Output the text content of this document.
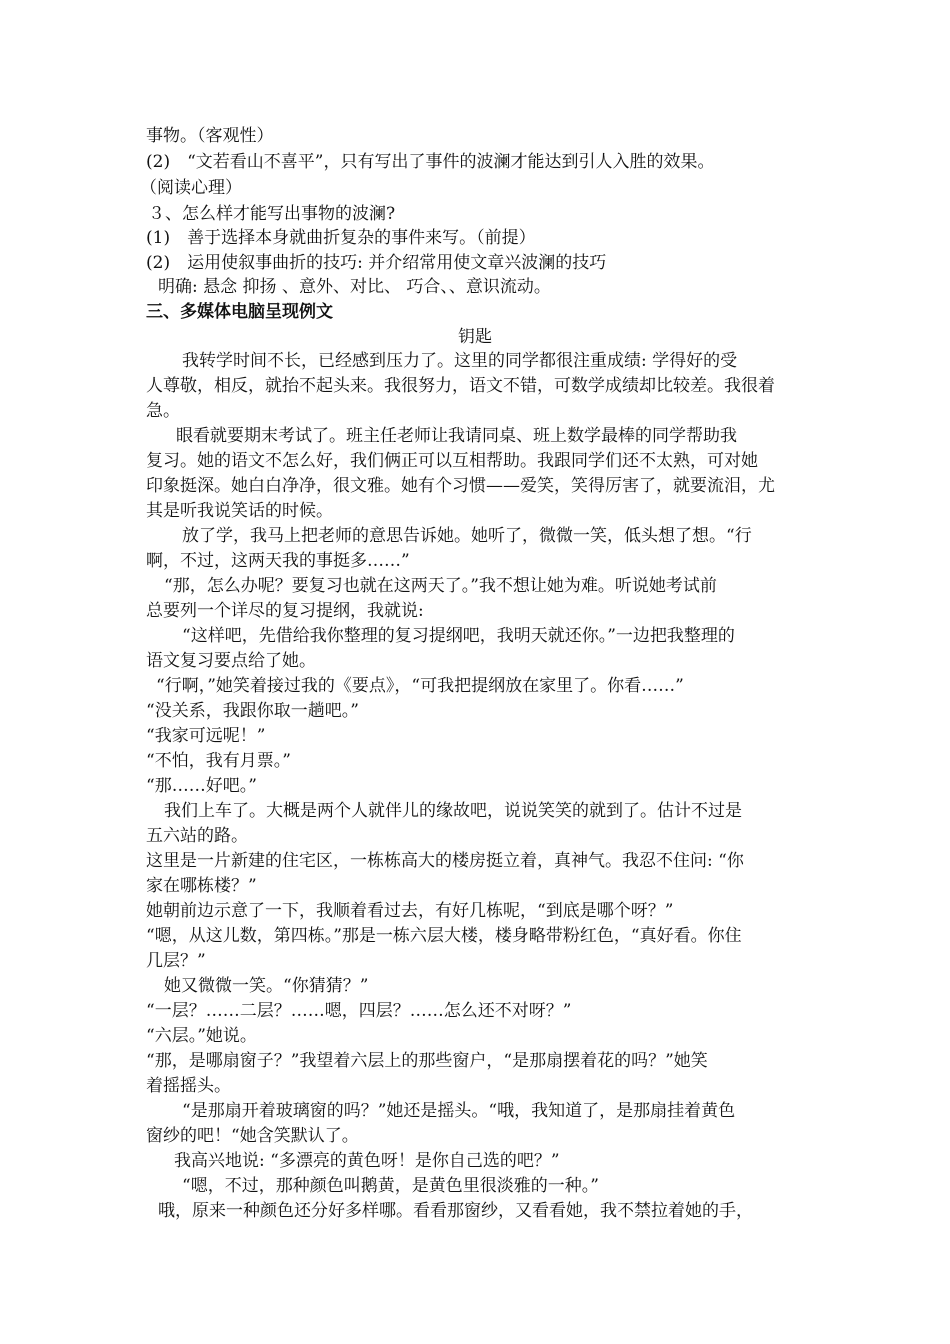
事物。（客观性）
(2)　“文若看山不喜平”，只有写出了事件的波澜才能达到引人入胜的效果。
（阅读心理）
３、怎么样才能写出事物的波澜?
(1)　善于选择本身就曲折复杂的事件来写。（前提）
(2)　运用使叙事曲折的技巧: 并介绍常用使文章兴波澜的技巧
明确: 悬念 抑扬 、意外、对比、 巧合、、意识流动。
三、多媒体电脑呈现例文
钥匙
我转学时间不长，已经感到压力了。这里的同学都很注重成绩: 学得好的受
人尊敬，相反，就抬不起头来。我很努力，语文不错，可数学成绩却比较差。我很着
急。
眼看就要期末考试了。班主任老师让我请同桌、班上数学最棒的同学帮助我
复习。她的语文不怎么好，我们俩正可以互相帮助。我跟同学们还不太熟，可对她
印象挺深。她白白净净，很文雅。她有个习惯——爱笑，笑得厉害了，就要流泪，尤
其是听我说笑话的时候。
放了学，我马上把老师的意思告诉她。她听了，微微一笑，低头想了想。“行
啊，不过，这两天我的事挺多……”
“那，怎么办呢？要复习也就在这两天了。”我不想让她为难。听说她考试前
总要列一个详尽的复习提纲，我就说:
“这样吧，先借给我你整理的复习提纲吧，我明天就还你。”一边把我整理的
语文复习要点给了她。
“行啊，”她笑着接过我的《要点》，“可我把提纲放在家里了。你看……”
“没关系，我跟你取一趟吧。”
“我家可远呢！”
“不怕，我有月票。”
“那……好吧。”
我们上车了。大概是两个人就伴儿的缘故吧，说说笑笑的就到了。估计不过是
五六站的路。
这里是一片新建的住宅区，一栋栋高大的楼房挺立着，真神气。我忍不住问: “你
家在哪栋楼？”
她朝前边示意了一下，我顺着看过去，有好几栋呢，“到底是哪个呀？”
“嗯，从这儿数，第四栋。”那是一栋六层大楼，楼身略带粉红色，“真好看。你住
几层？”
她又微微一笑。“你猜猜？”
“一层？……二层？……嗯，四层？……怎么还不对呀？”
“六层。”她说。
“那，是哪扇窗子？”我望着六层上的那些窗户，“是那扇摆着花的吗？”她笑
着摇摇头。
“是那扇开着玻璃窗的吗？”她还是摇头。“哦，我知道了，是那扇挂着黄色
窗纱的吧！“她含笑默认了。
我高兴地说: “多漂亮的黄色呀！是你自己选的吧？”
“嗯，不过，那种颜色叫鹅黄，是黄色里很淡雅的一种。”
哦，原来一种颜色还分好多样哪。看看那窗纱，又看看她，我不禁拉着她的手，
